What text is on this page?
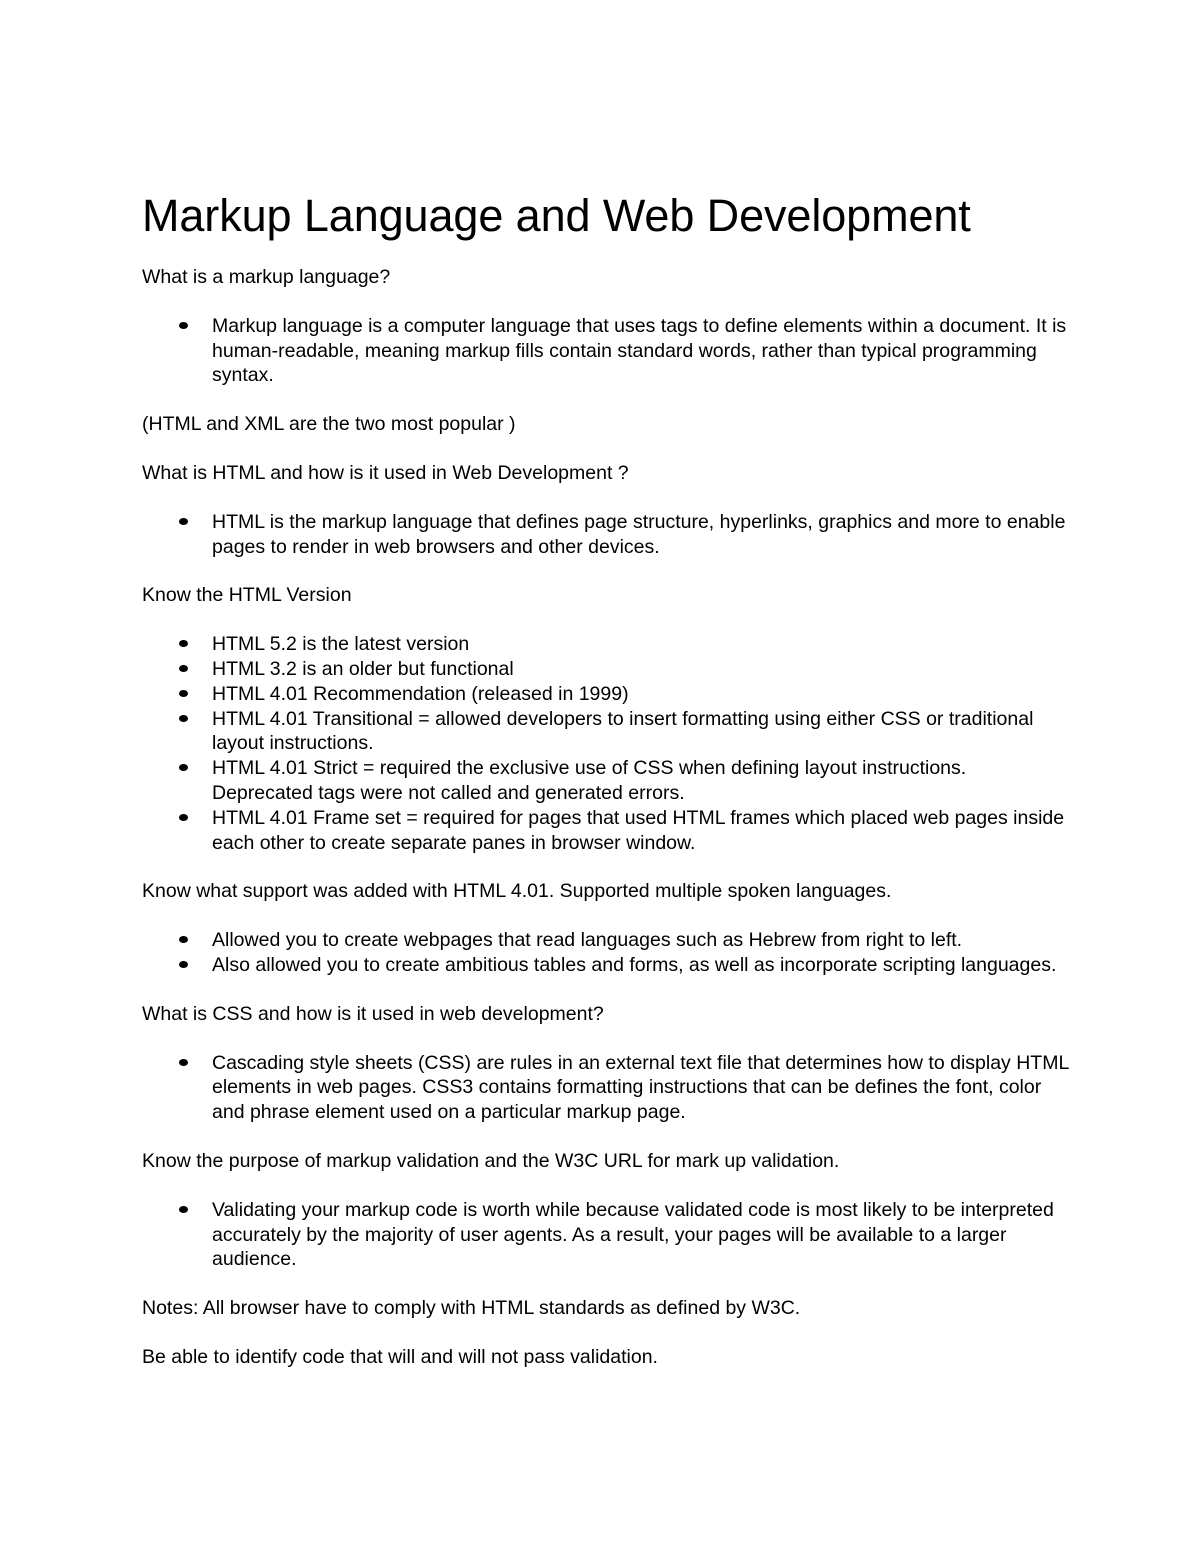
Markup Language and Web Development

What is a markup language?

Markup language is a computer language that uses tags to define elements within a document. It is human-readable, meaning markup fills contain standard words, rather than typical programming syntax.

(HTML and XML are the two most popular )

What is HTML and how is it used in Web Development ?

HTML is the markup language that defines page structure, hyperlinks, graphics and more to enable pages to render in web browsers and other devices.

Know the HTML Version

HTML 5.2 is the latest version
HTML 3.2 is an older but functional
HTML 4.01 Recommendation (released in 1999)
HTML 4.01 Transitional = allowed developers to insert formatting using either CSS or traditional layout instructions.
HTML 4.01 Strict = required the exclusive use of CSS when defining layout instructions. Deprecated tags were not called and generated errors.
HTML 4.01 Frame set = required for pages that used HTML frames which placed web pages inside each other to create separate panes in browser window.

Know what support was added with HTML 4.01. Supported multiple spoken languages.

Allowed you to create webpages that read languages such as Hebrew from right to left.
Also allowed you to create ambitious tables and forms, as well as incorporate scripting languages.

What is CSS and how is it used in web development?

Cascading style sheets (CSS) are rules in an external text file that determines how to display HTML elements in web pages. CSS3 contains formatting instructions that can be defines the font, color and phrase element used on a particular markup page.

Know the purpose of markup validation and the W3C URL for mark up validation.

Validating your markup code is worth while because validated code is most likely to be interpreted accurately by the majority of user agents. As a result, your pages will be available to a larger audience.

Notes: All browser have to comply with HTML standards as defined by W3C.

Be able to identify code that will and will not pass validation.
